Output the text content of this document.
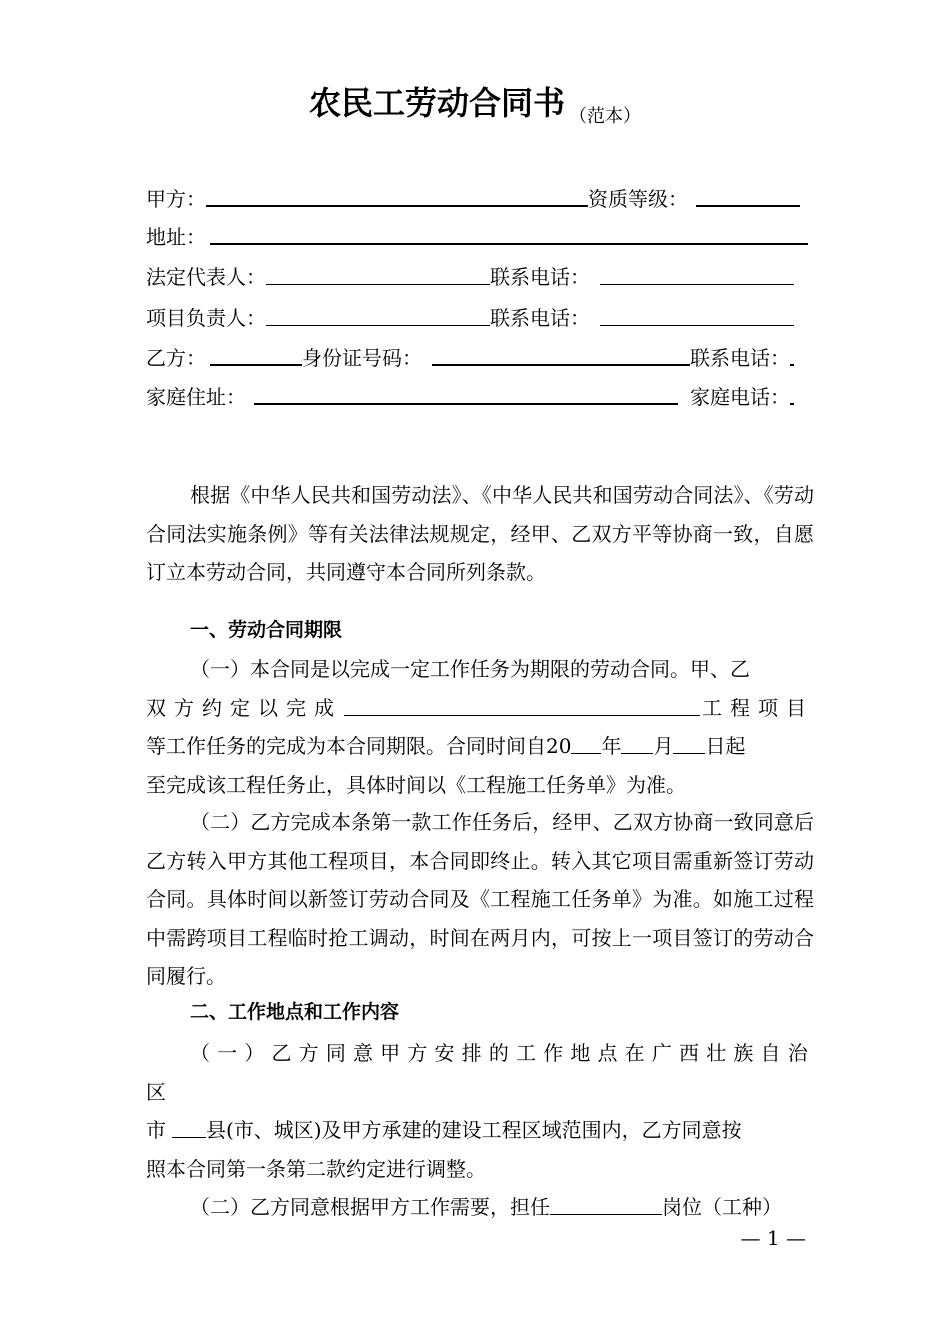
农民工劳动合同书 （范本）
甲方：	资质等级：
地址：
法定代表人：	联系电话：
项目负责人：	联系电话：
乙方：	身份证号码：	联系电话：
家庭住址：	家庭电话：
根据《中华人民共和国劳动法》、《中华人民共和国劳动合同法》、《劳动合同法实施条例》等有关法律法规规定，经甲、乙双方平等协商一致，自愿订立本劳动合同，共同遵守本合同所列条款。
一、劳动合同期限
（一）本合同是以完成一定工作任务为期限的劳动合同。甲、乙
双方约定以完成	工程项目
等工作任务的完成为本合同期限。合同时间自20 年 月 日起
至完成该工程任务止，具体时间以《工程施工任务单》为准。
（二）乙方完成本条第一款工作任务后，经甲、乙双方协商一致同意后乙方转入甲方其他工程项目，本合同即终止。转入其它项目需重新签订劳动合同。具体时间以新签订劳动合同及《工程施工任务单》为准。如施工过程中需跨项目工程临时抢工调动，时间在两月内，可按上一项目签订的劳动合同履行。
二、工作地点和工作内容
（一）乙方同意甲方安排的工作地点在广西壮族自治区
市 县(市、城区)及甲方承建的建设工程区域范围内，乙方同意按
照本合同第一条第二款约定进行调整。
（二）乙方同意根据甲方工作需要，担任	岗位（工种）
— 1 —
